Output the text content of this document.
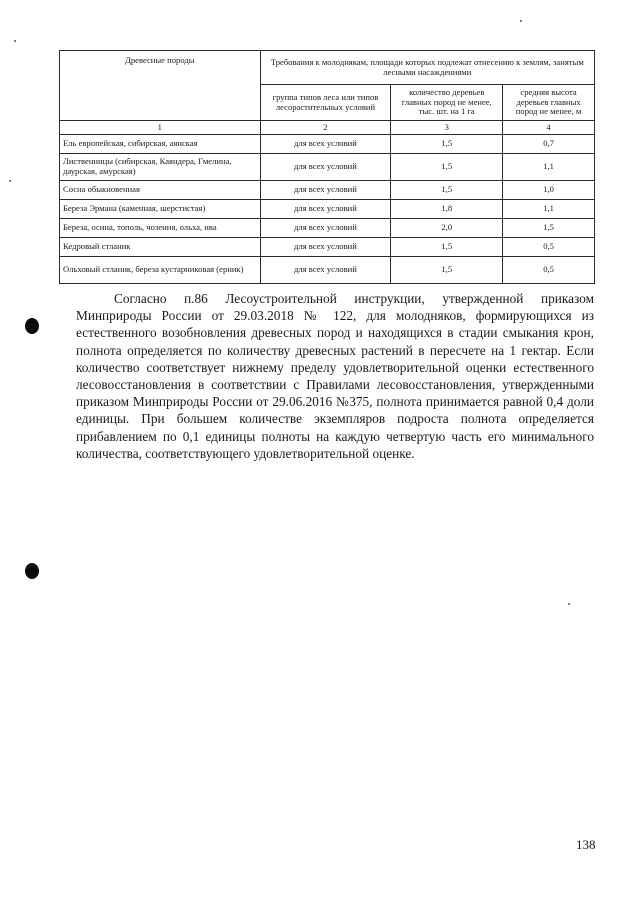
Древесные породы	Требования к молоднякам, площади которых подлежат отнесению к землям, занятым лесными насаждениями		
	группа типов леса или типов лесорастительных условий	количество деревьев главных пород не менее, тыс. шт. на 1 га	средняя высота деревьев главных пород не менее, м
1	2	3	4
Ель европейская, сибирская, аянская	для всех условий	1,5	0,7
Лиственницы (сибирская, Каяндера, Гмелина, даурская, амурская)	для всех условий	1,5	1,1
Сосна обыкновенная	для всех условий	1,5	1,0
Береза Эрмана (каменная, шерстистая)	для всех условий	1,8	1,1
Береза, осина, тополь, чозения, ольха, ива	для всех условий	2,0	1,5
Кедровый стланик	для всех условий	1,5	0,5
Ольховый стланик, береза кустарниковая (ерник)	для всех условий	1,5	0,5

Согласно п.86 Лесоустроительной инструкции, утвержденной приказом Минприроды России от 29.03.2018 № 122, для молодняков, формирующихся из естественного возобновления древесных пород и находящихся в стадии смыкания крон, полнота определяется по количеству древесных растений в пересчете на 1 гектар. Если количество соответствует нижнему пределу удовлетворительной оценки естественного лесовосстановления в соответствии с Правилами лесовосстановления, утвержденными приказом Минприроды России от 29.06.2016 №375, полнота принимается равной 0,4 доли единицы. При большем количестве экземпляров подроста полнота определяется прибавлением по 0,1 единицы полноты на каждую четвертую часть его минимального количества, соответствующего удовлетворительной оценке.

138
